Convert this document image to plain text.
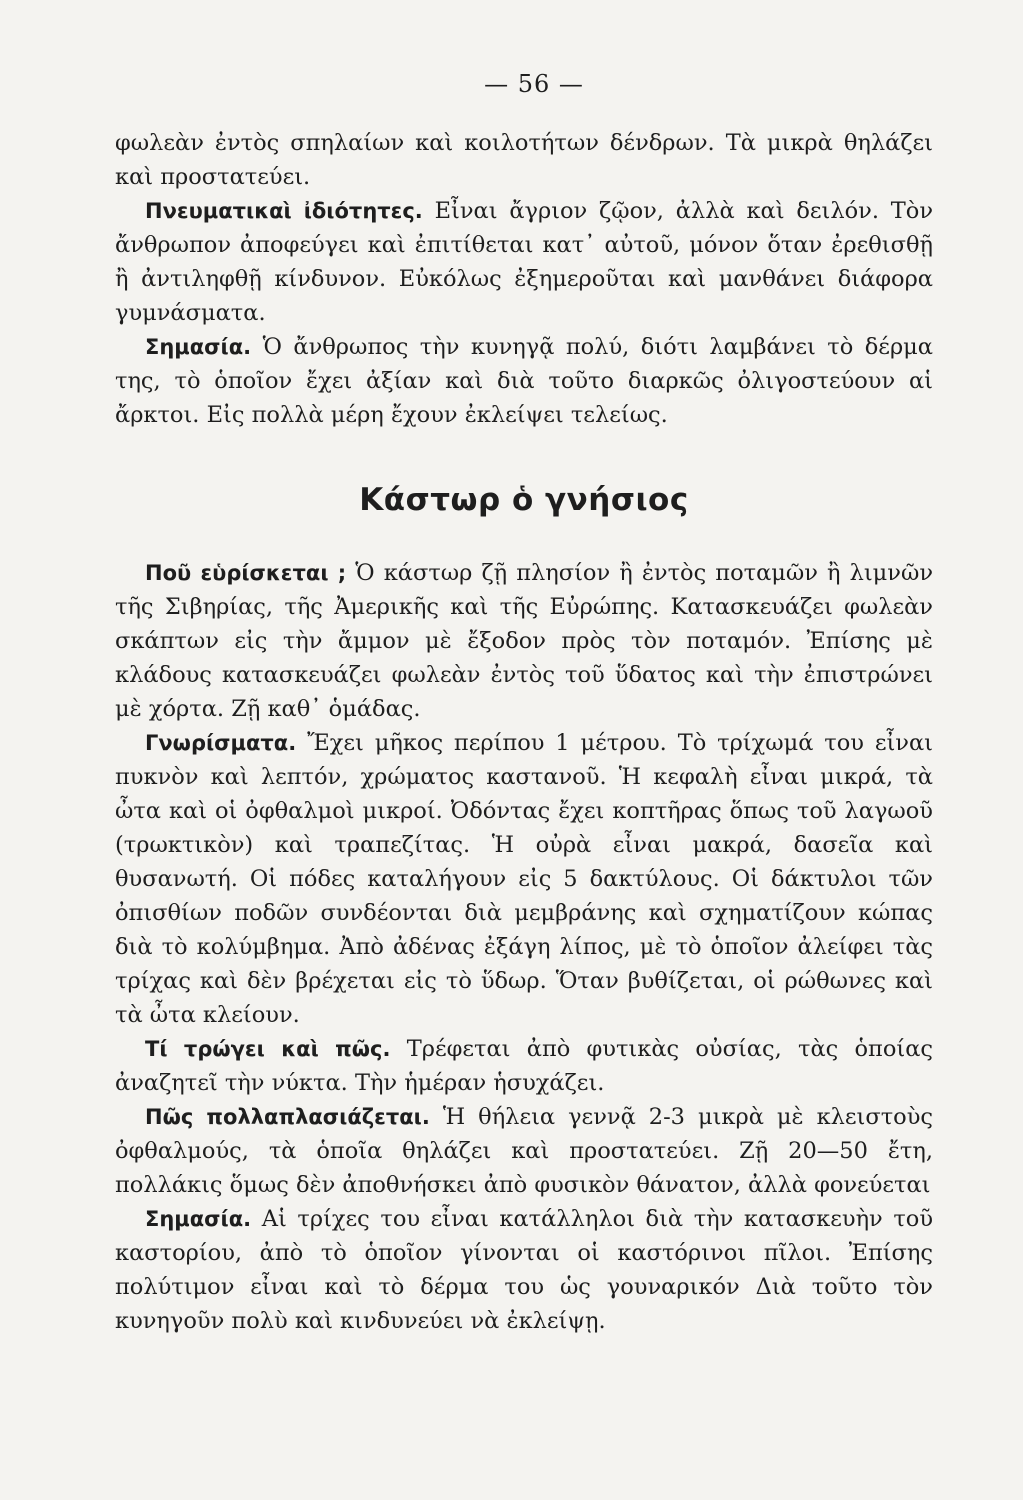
— 56 —

φωλεὰν ἐντὸς σπηλαίων καὶ κοιλοτήτων δένδρων. Τὰ μικρὰ θηλάζει καὶ προστατεύει.

Πνευματικαὶ ἰδιότητες. Εἶναι ἄγριον ζῷον, ἀλλὰ καὶ δειλόν. Τὸν ἄνθρωπον ἀποφεύγει καὶ ἐπιτίθεται κατ᾽ αὐτοῦ, μόνον ὅταν ἐρεθισθῇ ἢ ἀντιληφθῇ κίνδυνον. Εὐκόλως ἐξημεροῦται καὶ μανθάνει διάφορα γυμνάσματα.

Σημασία. Ὁ ἄνθρωπος τὴν κυνηγᾷ πολύ, διότι λαμβάνει τὸ δέρμα της, τὸ ὁποῖον ἔχει ἀξίαν καὶ διὰ τοῦτο διαρκῶς ὀλιγοστεύουν αἱ ἄρκτοι. Εἰς πολλὰ μέρη ἔχουν ἐκλείψει τελείως.

Κάστωρ ὁ γνήσιος

Ποῦ εὑρίσκεται ; Ὁ κάστωρ ζῇ πλησίον ἢ ἐντὸς ποταμῶν ἢ λιμνῶν τῆς Σιβηρίας, τῆς Ἀμερικῆς καὶ τῆς Εὐρώπης. Κατασκευάζει φωλεὰν σκάπτων εἰς τὴν ἄμμον μὲ ἔξοδον πρὸς τὸν ποταμόν. Ἐπίσης μὲ κλάδους κατασκευάζει φωλεὰν ἐντὸς τοῦ ὕδατος καὶ τὴν ἐπιστρώνει μὲ χόρτα. Ζῇ καθ᾽ ὁμάδας.

Γνωρίσματα. Ἔχει μῆκος περίπου 1 μέτρου. Τὸ τρίχωμά του εἶναι πυκνὸν καὶ λεπτόν, χρώματος καστανοῦ. Ἡ κεφαλὴ εἶναι μικρά, τὰ ὦτα καὶ οἱ ὀφθαλμοὶ μικροί. Ὀδόντας ἔχει κοπτῆρας ὅπως τοῦ λαγωοῦ (τρωκτικὸν) καὶ τραπεζίτας. Ἡ οὐρὰ εἶναι μακρά, δασεῖα καὶ θυσανωτή. Οἱ πόδες καταλήγουν εἰς 5 δακτύλους. Οἱ δάκτυλοι τῶν ὀπισθίων ποδῶν συνδέονται διὰ μεμβράνης καὶ σχηματίζουν κώπας διὰ τὸ κολύμβημα. Ἀπὸ ἀδένας ἐξάγη λίπος, μὲ τὸ ὁποῖον ἀλείφει τὰς τρίχας καὶ δὲν βρέχεται εἰς τὸ ὕδωρ. Ὅταν βυθίζεται, οἱ ρώθωνες καὶ τὰ ὦτα κλείουν.

Τί τρώγει καὶ πῶς. Τρέφεται ἀπὸ φυτικὰς οὐσίας, τὰς ὁποίας ἀναζητεῖ τὴν νύκτα. Τὴν ἡμέραν ἡσυχάζει.

Πῶς πολλαπλασιάζεται. Ἡ θήλεια γεννᾷ 2-3 μικρὰ μὲ κλειστοὺς ὀφθαλμούς, τὰ ὁποῖα θηλάζει καὶ προστατεύει. Ζῇ 20—50 ἔτη, πολλάκις ὅμως δὲν ἀποθνήσκει ἀπὸ φυσικὸν θάνατον, ἀλλὰ φονεύεται

Σημασία. Αἱ τρίχες του εἶναι κατάλληλοι διὰ τὴν κατασκευὴν τοῦ καστορίου, ἀπὸ τὸ ὁποῖον γίνονται οἱ καστόρινοι πῖλοι. Ἐπίσης πολύτιμον εἶναι καὶ τὸ δέρμα του ὡς γουναρικόν Διὰ τοῦτο τὸν κυνηγοῦν πολὺ καὶ κινδυνεύει νὰ ἐκλείψῃ.
